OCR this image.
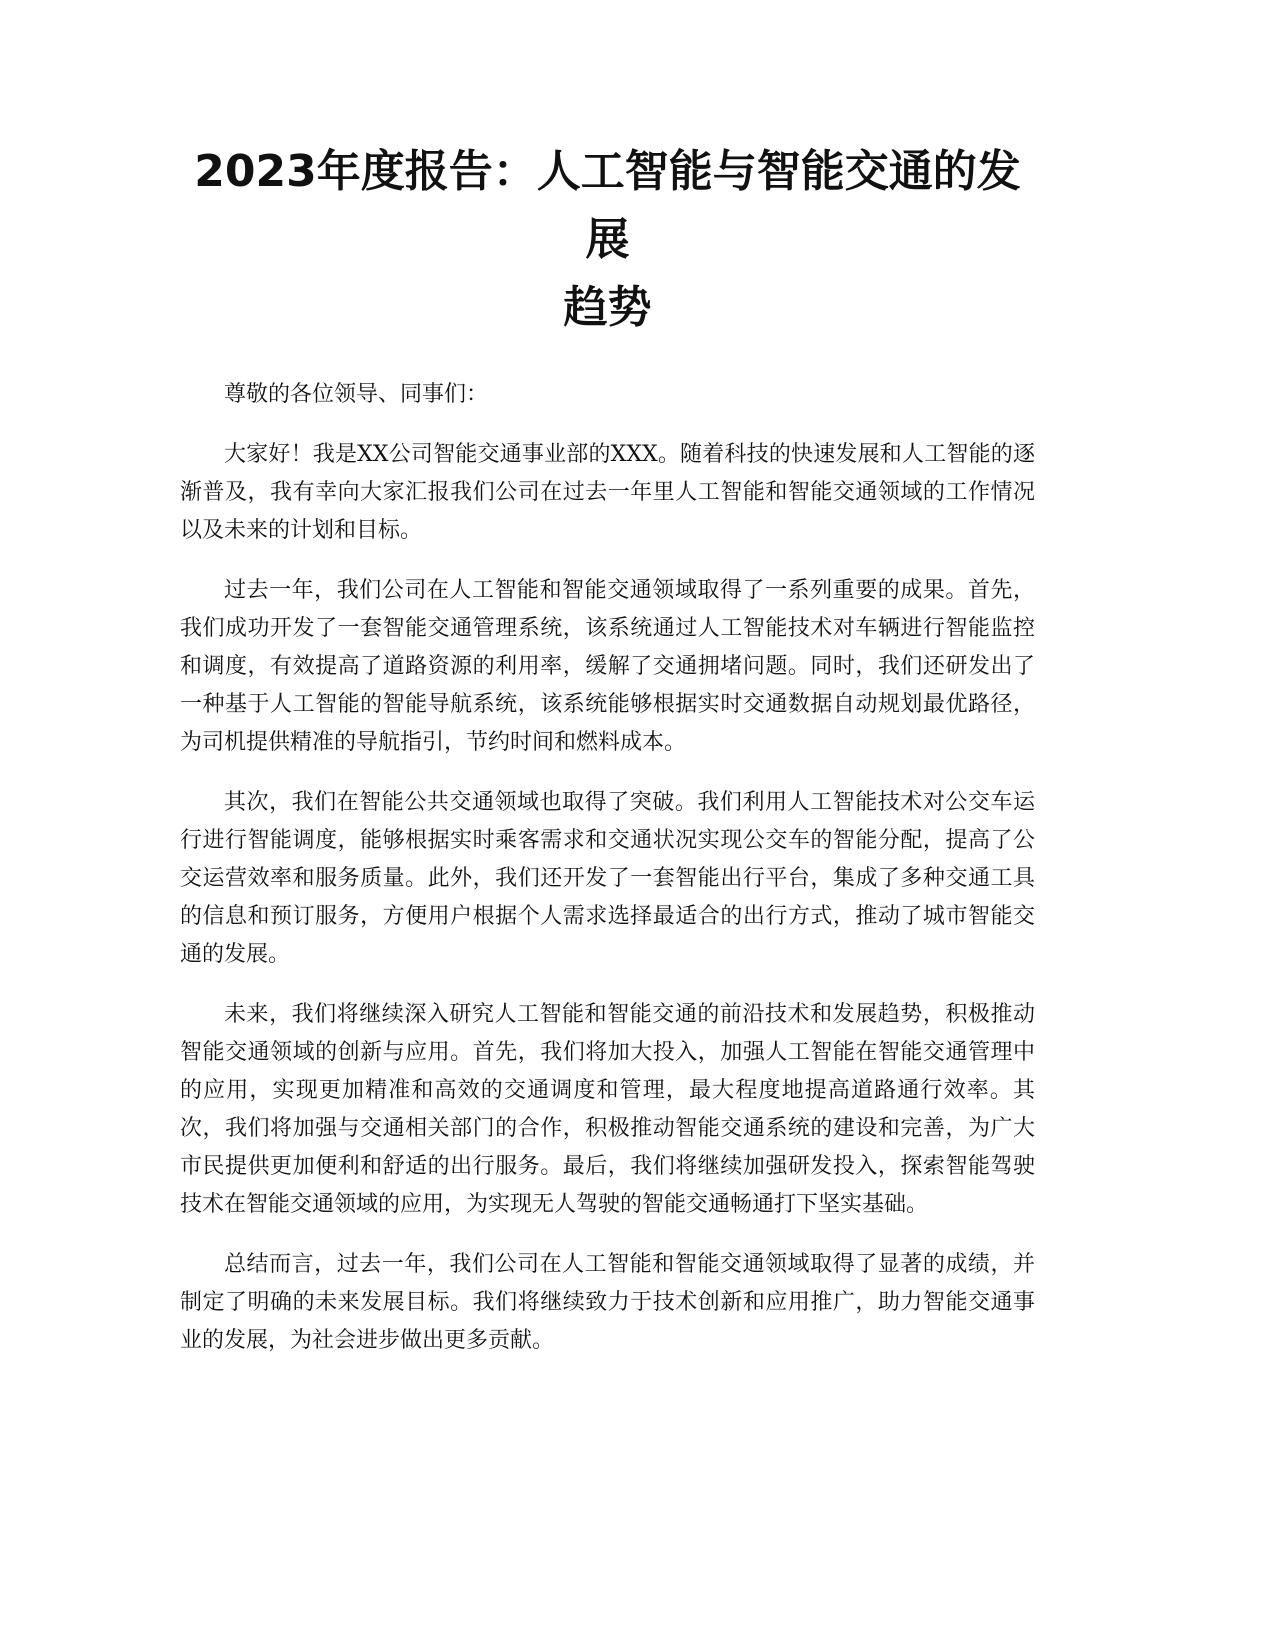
2023年度报告：人工智能与智能交通的发展
趋势

尊敬的各位领导、同事们：

大家好！我是XX公司智能交通事业部的XXX。随着科技的快速发展和人工智能的逐渐普及，我有幸向大家汇报我们公司在过去一年里人工智能和智能交通领域的工作情况以及未来的计划和目标。

过去一年，我们公司在人工智能和智能交通领域取得了一系列重要的成果。首先，我们成功开发了一套智能交通管理系统，该系统通过人工智能技术对车辆进行智能监控和调度，有效提高了道路资源的利用率，缓解了交通拥堵问题。同时，我们还研发出了一种基于人工智能的智能导航系统，该系统能够根据实时交通数据自动规划最优路径，为司机提供精准的导航指引，节约时间和燃料成本。

其次，我们在智能公共交通领域也取得了突破。我们利用人工智能技术对公交车运行进行智能调度，能够根据实时乘客需求和交通状况实现公交车的智能分配，提高了公交运营效率和服务质量。此外，我们还开发了一套智能出行平台，集成了多种交通工具的信息和预订服务，方便用户根据个人需求选择最适合的出行方式，推动了城市智能交通的发展。

未来，我们将继续深入研究人工智能和智能交通的前沿技术和发展趋势，积极推动智能交通领域的创新与应用。首先，我们将加大投入，加强人工智能在智能交通管理中的应用，实现更加精准和高效的交通调度和管理，最大程度地提高道路通行效率。其次，我们将加强与交通相关部门的合作，积极推动智能交通系统的建设和完善，为广大市民提供更加便利和舒适的出行服务。最后，我们将继续加强研发投入，探索智能驾驶技术在智能交通领域的应用，为实现无人驾驶的智能交通畅通打下坚实基础。

总结而言，过去一年，我们公司在人工智能和智能交通领域取得了显著的成绩，并制定了明确的未来发展目标。我们将继续致力于技术创新和应用推广，助力智能交通事业的发展，为社会进步做出更多贡献。
